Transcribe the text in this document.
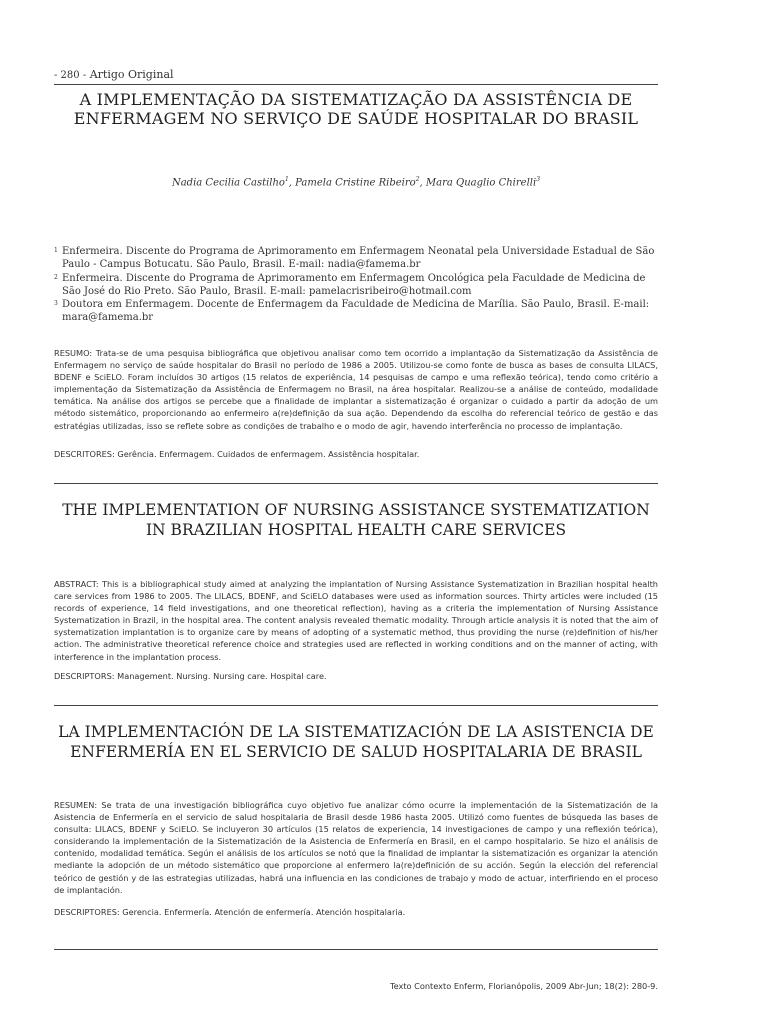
- 280 - Artigo Original
A IMPLEMENTAÇÃO DA SISTEMATIZAÇÃO DA ASSISTÊNCIA DE ENFERMAGEM NO SERVIÇO DE SAÚDE HOSPITALAR DO BRASIL
Nadia Cecilia Castilho$^1$, Pamela Cristine Ribeiro$^2$, Mara Quaglio Chirelli$^3$
1 Enfermeira. Discente do Programa de Aprimoramento em Enfermagem Neonatal pela Universidade Estadual de São Paulo - Campus Botucatu. São Paulo, Brasil. E-mail: nadia@famema.br
2 Enfermeira. Discente do Programa de Aprimoramento em Enfermagem Oncológica pela Faculdade de Medicina de São José do Rio Preto. São Paulo, Brasil. E-mail: pamelacrisribeiro@hotmail.com
3 Doutora em Enfermagem. Docente de Enfermagem da Faculdade de Medicina de Marília. São Paulo, Brasil. E-mail: mara@famema.br
RESUMO: Trata-se de uma pesquisa bibliográfica que objetivou analisar como tem ocorrido a implantação da Sistematização da Assistência de Enfermagem no serviço de saúde hospitalar do Brasil no período de 1986 a 2005. Utilizou-se como fonte de busca as bases de consulta LILACS, BDENF e SciELO. Foram incluídos 30 artigos (15 relatos de experiência, 14 pesquisas de campo e uma reflexão teórica), tendo como critério a implementação da Sistematização da Assistência de Enfermagem no Brasil, na área hospitalar. Realizou-se a análise de conteúdo, modalidade temática. Na análise dos artigos se percebe que a finalidade de implantar a sistematização é organizar o cuidado a partir da adoção de um método sistemático, proporcionando ao enfermeiro a(re)definição da sua ação. Dependendo da escolha do referencial teórico de gestão e das estratégias utilizadas, isso se reflete sobre as condições de trabalho e o modo de agir, havendo interferência no processo de implantação.
DESCRITORES: Gerência. Enfermagem. Cuidados de enfermagem. Assistência hospitalar.
THE IMPLEMENTATION OF NURSING ASSISTANCE SYSTEMATIZATION IN BRAZILIAN HOSPITAL HEALTH CARE SERVICES
ABSTRACT: This is a bibliographical study aimed at analyzing the implantation of Nursing Assistance Systematization in Brazilian hospital health care services from 1986 to 2005. The LILACS, BDENF, and SciELO databases were used as information sources. Thirty articles were included (15 records of experience, 14 field investigations, and one theoretical reflection), having as a criteria the implementation of Nursing Assistance Systematization in Brazil, in the hospital area. The content analysis revealed thematic modality. Through article analysis it is noted that the aim of systematization implantation is to organize care by means of adopting of a systematic method, thus providing the nurse (re)definition of his/her action. The administrative theoretical reference choice and strategies used are reflected in working conditions and on the manner of acting, with interference in the implantation process.
DESCRIPTORS: Management. Nursing. Nursing care. Hospital care.
LA IMPLEMENTACIÓN DE LA SISTEMATIZACIÓN DE LA ASISTENCIA DE ENFERMERÍA EN EL SERVICIO DE SALUD HOSPITALARIA DE BRASIL
RESUMEN: Se trata de una investigación bibliográfica cuyo objetivo fue analizar cómo ocurre la implementación de la Sistematización de la Asistencia de Enfermería en el servicio de salud hospitalaria de Brasil desde 1986 hasta 2005. Utilizó como fuentes de búsqueda las bases de consulta: LILACS, BDENF y SciELO. Se incluyeron 30 artículos (15 relatos de experiencia, 14 investigaciones de campo y una reflexión teórica), considerando la implementación de la Sistematización de la Asistencia de Enfermería en Brasil, en el campo hospitalario. Se hizo el análisis de contenido, modalidad temática. Según el análisis de los artículos se notó que la finalidad de implantar la sistematización es organizar la atención mediante la adopción de un método sistemático que proporcione al enfermero la(re)definición de su acción. Según la elección del referencial teórico de gestión y de las estrategias utilizadas, habrá una influencia en las condiciones de trabajo y modo de actuar, interfiriendo en el proceso de implantación.
DESCRIPTORES: Gerencia. Enfermería. Atención de enfermería. Atención hospitalaria.
Texto Contexto Enferm, Florianópolis, 2009 Abr-Jun; 18(2): 280-9.
